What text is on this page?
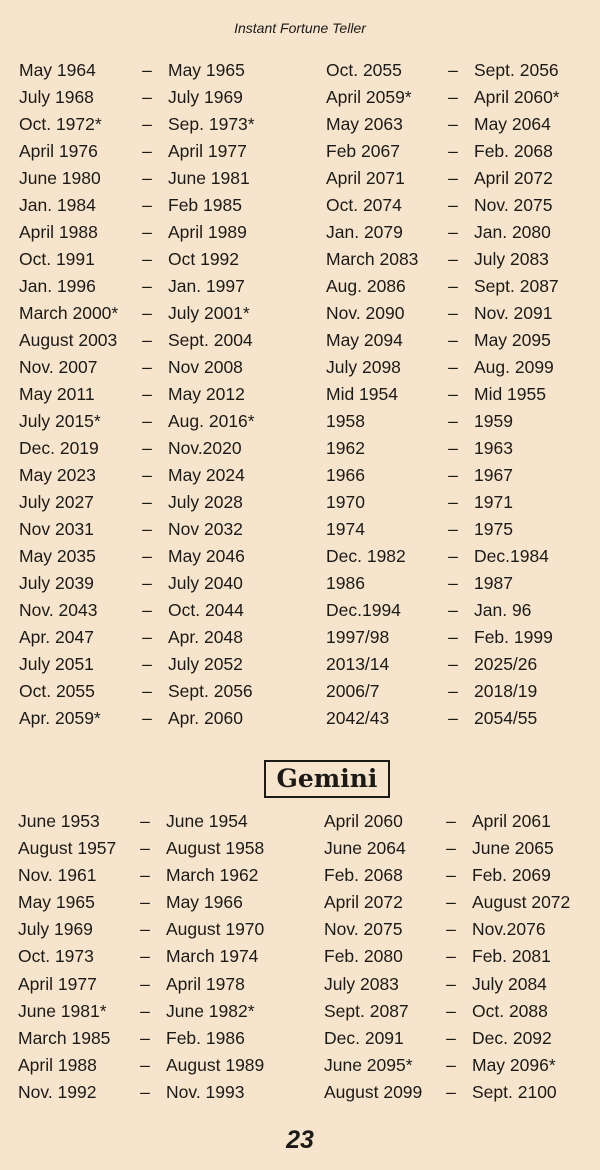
Instant Fortune Teller
May 1964	– May 1965	Oct. 2055	– Sept. 2056
July 1968	– July 1969	April 2059* – April 2060*
Oct. 1972* – Sep. 1973*	May 2063	– May 2064
April 1976	– April 1977	Feb 2067	– Feb. 2068
June 1980 – June 1981	April 2071 – April 2072
Jan. 1984	– Feb 1985	Oct. 2074	– Nov. 2075
April 1988	– April 1989	Jan. 2079	– Jan. 2080
Oct. 1991	– Oct 1992	March 2083 – July 2083
Jan. 1996	– Jan. 1997	Aug. 2086 – Sept. 2087
March 2000* – July 2001*	Nov. 2090 – Nov. 2091
August 2003 – Sept. 2004	May 2094	– May 2095
Nov. 2007	– Nov 2008	July 2098	– Aug. 2099
May 2011	– May 2012	Mid 1954	– Mid 1955
July 2015* – Aug. 2016*	1958	– 1959
Dec. 2019 – Nov.2020	1962	– 1963
May 2023	– May 2024	1966	– 1967
July 2027	– July 2028	1970	– 1971
Nov 2031	– Nov 2032	1974	– 1975
May 2035	– May 2046	Dec. 1982 – Dec.1984
July 2039	– July 2040	1986	– 1987
Nov. 2043	– Oct. 2044	Dec.1994	– Jan. 96
Apr. 2047	– Apr. 2048	1997/98	– Feb. 1999
July 2051	– July 2052	2013/14	– 2025/26
Oct. 2055	– Sept. 2056	2006/7	– 2018/19
Apr. 2059* – Apr. 2060	2042/43	– 2054/55
Gemini
June 1953 – June 1954	April 2060 – April 2061
August 1957 – August 1958	June 2064 – June 2065
Nov. 1961 – March 1962	Feb. 2068 – Feb. 2069
May 1965	– May 1966	April 2072 – August 2072
July 1969	– August 1970	Nov. 2075 – Nov.2076
Oct. 1973	– March 1974	Feb. 2080 – Feb. 2081
April 1977 – April 1978	July 2083	– July 2084
June 1981* – June 1982*	Sept. 2087 – Oct. 2088
March 1985 – Feb. 1986	Dec. 2091 – Dec. 2092
April 1988 – August 1989	June 2095* – May 2096*
Nov. 1992 – Nov. 1993	August 2099 – Sept. 2100
23
